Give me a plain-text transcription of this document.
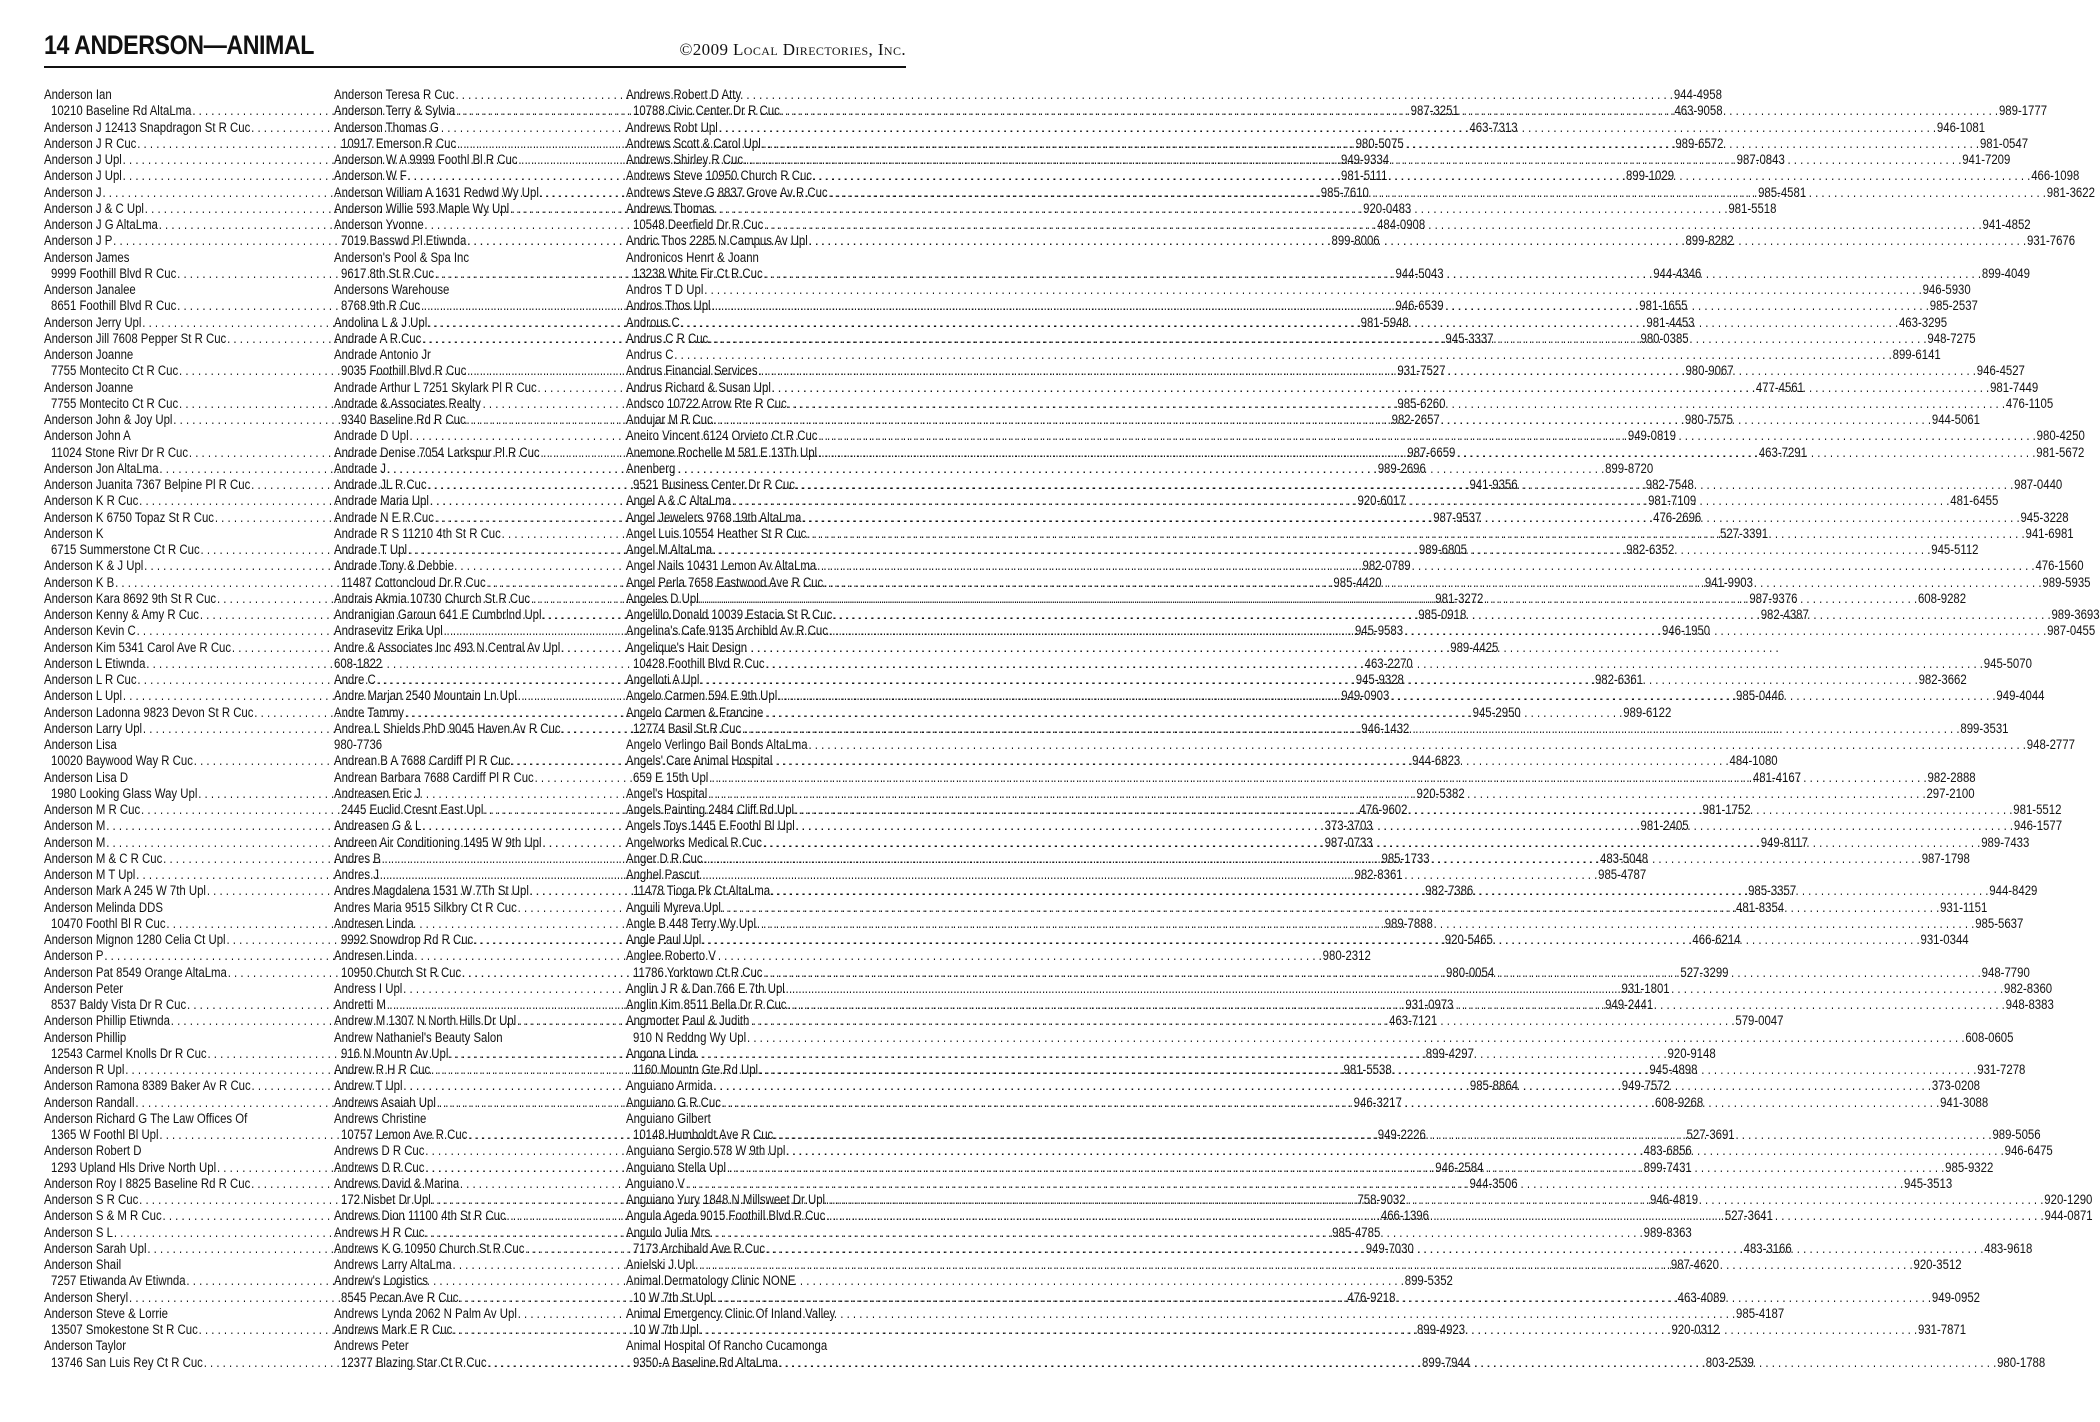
14 ANDERSON—ANIMAL	©2009 Local Directories, Inc.
Anderson Ian
10210 Baseline Rd AltaLma . . .	987-3251
Anderson J 12413 Snapdragon St R Cuc . . .	463-7313
Anderson J R Cuc . . .	980-5075
Anderson J Upl . . .	949-9334
Anderson J Upl . . .	981-5111
Anderson J . . .	985-7610
Anderson J & C Upl . . .	920-0483
Anderson J G AltaLma . . .	484-0908
Anderson J P . . .	899-8006
Anderson James
9999 Foothill Blvd R Cuc . . .	944-5043
Anderson Janalee
8651 Foothill Blvd R Cuc . . .	946-6539
Anderson Jerry Upl . . .	981-5948
Anderson Jill 7608 Pepper St R Cuc . . .	945-3337
Anderson Joanne
7755 Montecito Ct R Cuc . . .	931-7527
Anderson Joanne
7755 Montecito Ct R Cuc . . .	985-6260
Anderson John & Joy Upl . . .	982-2657
Anderson John A
11024 Stone Rivr Dr R Cuc . . .	987-6659
Anderson Jon AltaLma . . .	989-2696
Anderson Juanita 7367 Belpine Pl R Cuc . . .	941-9356
Anderson K R Cuc . . .	920-6017
Anderson K 6750 Topaz St R Cuc . . .	987-9537
Anderson K
6715 Summerstone Ct R Cuc . . .	989-6805
Anderson K & J Upl . . .	982-0789
Anderson K B . . .	985-4420
Anderson Kara 8692 9th St R Cuc . . .	981-3272
Anderson Kenny & Amy R Cuc . . .	985-0918
Anderson Kevin C . . .	945-9583
Anderson Kim 5341 Carol Ave R Cuc . . .	989-4425
Anderson L Etiwnda . . .	463-2270
Anderson L R Cuc . . .	945-9328
Anderson L Upl . . .	949-0903
Anderson Ladonna 9823 Devon St R Cuc . . .	945-2950
Anderson Larry Upl . . .	946-1432
Anderson Lisa
10020 Baywood Way R Cuc . . .	944-6823
Anderson Lisa D
1980 Looking Glass Way Upl . . .	920-5382
Anderson M R Cuc . . .	476-9602
Anderson M . . .	373-3703
Anderson M . . .	987-0733
Anderson M & C R Cuc . . .	985-1733
Anderson M T Upl . . .	982-8361
Anderson Mark A 245 W 7th Upl . . .	982-7386
Anderson Melinda DDS
10470 Foothl Bl R Cuc . . .	989-7888
Anderson Mignon 1280 Celia Ct Upl . . .	920-5465
Anderson P . . .	980-2312
Anderson Pat 8549 Orange AltaLma . . .	980-0054
Anderson Peter
8537 Baldy Vista Dr R Cuc . . .	931-0973
Anderson Phillip Etiwnda . . .	463-7121
Anderson Phillip
12543 Carmel Knolls Dr R Cuc . . .	899-4297
Anderson R Upl . . .	981-5538
Anderson Ramona 8389 Baker Av R Cuc . . .	985-8864
Anderson Randall . . .	946-3217
Anderson Richard G The Law Offices Of
1365 W Foothl Bl Upl . . .	949-2226
Anderson Robert D
1293 Upland Hls Drive North Upl . . .	946-2584
Anderson Roy I 8825 Baseline Rd R Cuc . . .	944-3506
Anderson S R Cuc . . .	758-9032
Anderson S & M R Cuc . . .	466-1396
Anderson S L . . .	985-4785
Anderson Sarah Upl . . .	949-7030
Anderson Shail
7257 Etiwanda Av Etiwnda . . .	899-5352
Anderson Sheryl . . .	476-9218
Anderson Steve & Lorrie
13507 Smokestone St R Cuc . . .	899-4923
Anderson Taylor
13746 San Luis Rey Ct R Cuc . . .	899-7944
Anderson Teresa R Cuc . . .	944-4958
Anderson Terry & Sylvia . . .	463-9058
Anderson Thomas G
10917 Emerson R Cuc . . .	989-6572
Anderson W A 9999 Foothl Bl R Cuc . . .	987-0843
Anderson W F . . .	899-1029
Anderson William A 1631 Redwd Wy Upl . . .	985-4581
Anderson Willie 593 Maple Wy Upl . . .	981-5518
Anderson Yvonne
7019 Basswd Pl Etiwnda . . .	899-8282
Anderson's Pool & Spa Inc
9617 8th St R Cuc . . .	944-4346
Andersons Warehouse
8768 9th R Cuc . . .	981-1655
Andolina L & J Upl . . .	981-4453
Andrade A R Cuc . . .	980-0385
Andrade Antonio Jr
9035 Foothill Blvd R Cuc . . .	980-9067
Andrade Arthur L 7251 Skylark Pl R Cuc . . .	477-4561
Andrade & Associates Realty
9340 Baseline Rd R Cuc . . .	980-7575
Andrade D Upl . . .	949-0819
Andrade Denise 7054 Larkspur Pl R Cuc . . .	463-7291
Andrade J . . .	899-8720
Andrade JL R Cuc . . .	982-7548
Andrade Maria Upl . . .	981-7109
Andrade N E R Cuc . . .	476-2696
Andrade R S 11210 4th St R Cuc . . .	527-3391
Andrade T Upl . . .	982-6352
Andrade Tony & Debbie
11487 Cottoncloud Dr R Cuc . . .	941-9903
Andrais Akmia 10730 Church St R Cuc . . .	987-9376
Andranigian Garoun 641 E Cumbrlnd Upl . . .	982-4387
Andrasevitz Erika Upl . . .	946-1950
Andre & Associates Inc 493 N Central Av Upl. . .
608-1822
Andre C . . .	982-6361
Andre Marjan 2540 Mountain Ln Upl . . .	985-0446
Andre Tammy . . .	989-6122
Andrea L Shields PhD 9045 Haven Av R Cuc. . .
980-7736
Andrean B A 7688 Cardiff Pl R Cuc . . .	484-1080
Andrean Barbara 7688 Cardiff Pl R Cuc . . .	481-4167
Andreasen Eric J
2445 Euclid Cresnt East Upl . . .	981-1752
Andreasen G & L . . .	981-2405
Andreen Air Conditioning 1495 W 9th Upl . . .	949-8117
Andres B . . .	483-5048
Andres J . . .	985-4787
Andres Magdalena 1531 W 7Th St Upl . . .	985-3357
Andres Maria 9515 Silkbry Ct R Cuc . . .	481-8354
Andresen Linda
9992 Snowdrop Rd R Cuc . . .	466-6214
Andresen Linda
10950 Church St R Cuc . . .	527-3299
Andress I Upl . . .	931-1801
Andretti M . . .	949-2441
Andrew M 1307 N North Hills Dr Upl . . .	579-0047
Andrew Nathaniel's Beauty Salon
916 N Mountn Av Upl . . .	920-9148
Andrew R H R Cuc . . .	945-4898
Andrew T Upl . . .	949-7572
Andrews Asaiah Upl . . .	608-9268
Andrews Christine
10757 Lemon Ave R Cuc . . .	527-3691
Andrews D R Cuc . . .	483-6856
Andrews D R Cuc . . .	899-7431
Andrews David & Marina
172 Nisbet Dr Upl . . .	946-4819
Andrews Dion 11100 4th St R Cuc . . .	527-3641
Andrews H R Cuc . . .	989-8363
Andrews K G 10950 Church St R Cuc . . .	483-3166
Andrews Larry AltaLma . . .	987-4620
Andrew's Logistics
8545 Pecan Ave R Cuc . . .	463-4089
Andrews Lynda 2062 N Palm Av Upl . . .	985-4187
Andrews Mark E R Cuc . . .	920-0312
Andrews Peter
12377 Blazing Star Ct R Cuc . . .	803-2539
Andrews Robert D Atty
10788 Civic Center Dr R Cuc . . .	989-1777
Andrews Robt Upl . . .	946-1081
Andrews Scott & Carol Upl . . .	981-0547
Andrews Shirley R Cuc . . .	941-7209
Andrews Steve 10950 Church R Cuc . . .	466-1098
Andrews Steve G 8837 Grove Av R Cuc . . .	981-3622
Andrews Thomas
10548 Deerfield Dr R Cuc . . .	941-4852
Andric Thos 2285 N Campus Av Upl . . .	931-7676
Andronicos Henrt & Joann
13238 White Fir Ct R Cuc . . .	899-4049
Andros T D Upl . . .	946-5930
Andros Thos Upl . . .	985-2537
Androus C . . .	463-3295
Andrus C R Cuc . . .	948-7275
Andrus C . . .	899-6141
Andrus Financial Services . . .	946-4527
Andrus Richard & Susan Upl . . .	981-7449
Andsco 10722 Arrow Rte R Cuc . . .	476-1105
Andujar M R Cuc . . .	944-5061
Aneiro Vincent 6124 Orvieto Ct R Cuc . . .	980-4250
Anemone Rochelle M 581 E 13Th Upl . . .	981-5672
Anenberg
9521 Business Center Dr R Cuc . . .	987-0440
Angel A & C AltaLma . . .	481-6455
Angel Jewelers 9768 19th AltaLma . . .	945-3228
Angel Luis 10554 Heather St R Cuc . . .	941-6981
Angel M AltaLma . . .	945-5112
Angel Nails 10431 Lemon Av AltaLma . . .	476-1560
Angel Perla 7658 Eastwood Ave R Cuc . . .	989-5935
Angeles D Upl . . .	608-9282
Angelillo Donald 10039 Estacia St R Cuc . . .	989-3693
Angelina's Cafe 9135 Archibld Av R Cuc . . .	987-0455
Angelique's Hair Design
10428 Foothill Blvd R Cuc . . .	945-5070
Angelloti A Upl . . .	982-3662
Angelo Carmen 594 E 9th Upl . . .	949-4044
Angelo Carmen & Francine
12774 Basil St R Cuc . . .	899-3531
Angelo Verlingo Bail Bonds AltaLma . . .	948-2777
Angels' Care Animal Hospital
659 E 15th Upl . . .	982-2888
Angel's Hospital . . .	297-2100
Angels Painting 2484 Cliff Rd Upl . . .	981-5512
Angels Toys 1445 E Foothl Bl Upl . . .	946-1577
Angelworks Medical R Cuc . . .	989-7433
Anger D R Cuc . . .	987-1798
Anghel Pascut
11478 Tioga Pk Ct AltaLma . . .	944-8429
Anguili Myreva Upl . . .	931-1151
Angle B 448 Terry Wy Upl . . .	985-5637
Angle Paul Upl . . .	931-0344
Anglee Roberto V
11786 Yorktown Ct R Cuc . . .	948-7790
Anglin J R & Dan 766 E 7th Upl . . .	982-8360
Anglin Kim 8511 Bella Dr R Cuc . . .	948-8383
Angmorter Paul & Judith
910 N Reddng Wy Upl . . .	608-0605
Angona Linda
1160 Mountn Gte Rd Upl . . .	931-7278
Anguiano Armida . . .	373-0208
Anguiano G R Cuc . . .	941-3088
Anguiano Gilbert
10148 Humboldt Ave R Cuc . . .	989-5056
Anguiano Sergio 578 W 9th Upl . . .	946-6475
Anguiano Stella Upl . . .	985-9322
Anguiano V . . .	945-3513
Anguiano Yury 1848 N Millsweet Dr Upl . . .	920-1290
Angula Ageda 9015 Foothill Blvd R Cuc . . .	944-0871
Angulo Julia Mrs
7173 Archibald Ave R Cuc . . .	483-9618
Anielski J Upl . . .	920-3512
Animal Dermatology Clinic NONE
10 W 7th St Upl . . .	949-0952
Animal Emergency Clinic Of Inland Valley
10 W 7th Upl . . .	931-7871
Animal Hospital Of Rancho Cucamonga
9350-A Baseline Rd AltaLma . . .	980-1788
